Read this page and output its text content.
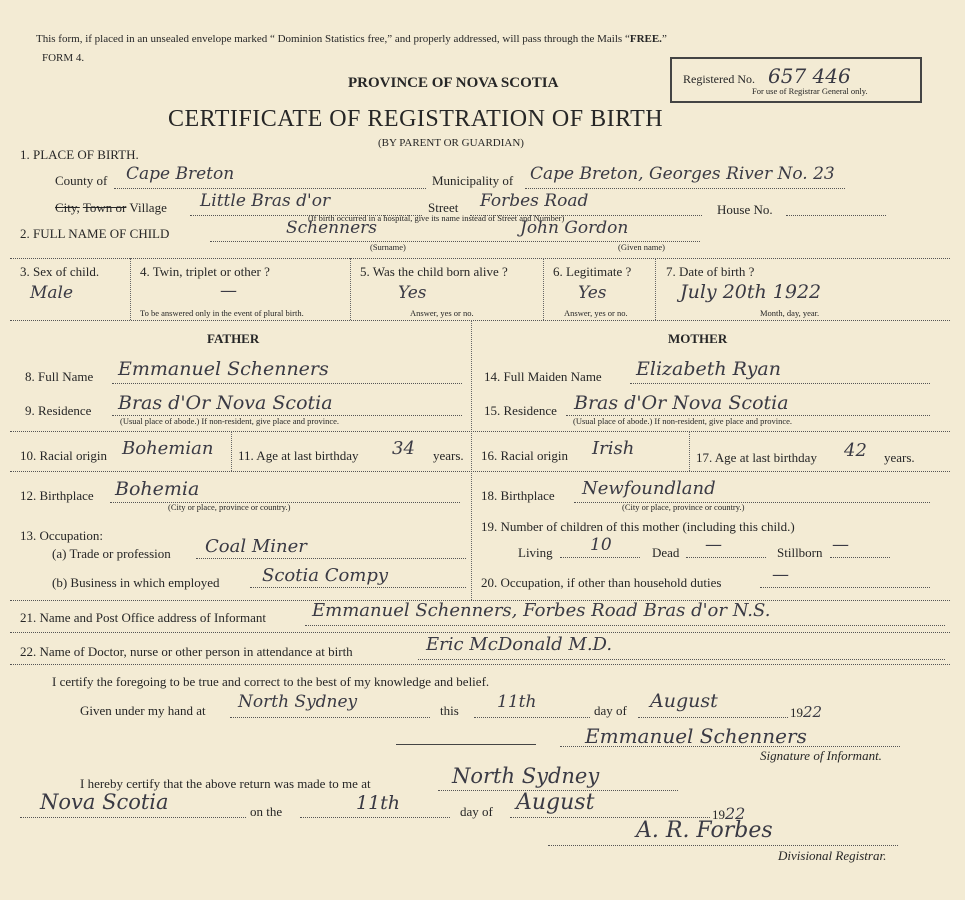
This form, if placed in an unsealed envelope marked “ Dominion Statistics free,” and properly addressed, will pass through the Mails “FREE.”
FORM 4.
PROVINCE OF NOVA SCOTIA	Registered No. 657 446
For use of Registrar General only.
CERTIFICATE OF REGISTRATION OF BIRTH
(BY PARENT OR GUARDIAN)
1. PLACE OF BIRTH.
County of Cape Breton	Municipality of Cape Breton, Georges River No. 23
City, Town or Village Little Bras d'or	Street Forbes Road	House No.
(If birth occurred in a hospital, give its name instead of Street and Number)
2. FULL NAME OF CHILD	Schenners	John Gordon
(Surname)	(Given name)
3. Sex of child.
Male
4. Twin, triplet or other ?
—
To be answered only in the event of plural birth.
5. Was the child born alive ?
Yes
Answer, yes or no.
6. Legitimate ?
Yes
Answer, yes or no.
7. Date of birth ?
July 20th 1922
Month, day, year.
FATHER	MOTHER
8. Full Name Emmanuel Schenners	14. Full Maiden Name Elizabeth Ryan
9. Residence Bras d'Or Nova Scotia
(Usual place of abode.) If non-resident, give place and province.
15. Residence Bras d'Or Nova Scotia
(Usual place of abode.) If non-resident, give place and province.
10. Racial origin Bohemian 11. Age at last birthday 34 years. 16. Racial origin Irish	17. Age at last birthday 42 years.
12. Birthplace Bohemia
(City or place, province or country.)
18. Birthplace Newfoundland
(City or place, province or country.)
13. Occupation:
19. Number of children of this mother (including this child.)
(a) Trade or profession Coal Miner	Living 10	Dead —	Stillborn —
(b) Business in which employed Scotia Compy	20. Occupation, if other than household duties	—
21. Name and Post Office address of Informant	Emmanuel Schenners, Forbes Road Bras d'or N.S.
22. Name of Doctor, nurse or other person in attendance at birth	Eric McDonald M.D.
I certify the foregoing to be true and correct to the best of my knowledge and belief.
Given under my hand at North Sydney	this 11th	day of August
1922
Emmanuel Schenners
Signature of Informant.
I hereby certify that the above return was made to me at	North Sydney
Nova Scotia	on the	11th	day of August	1922
A. R. Forbes
Divisional Registrar.
